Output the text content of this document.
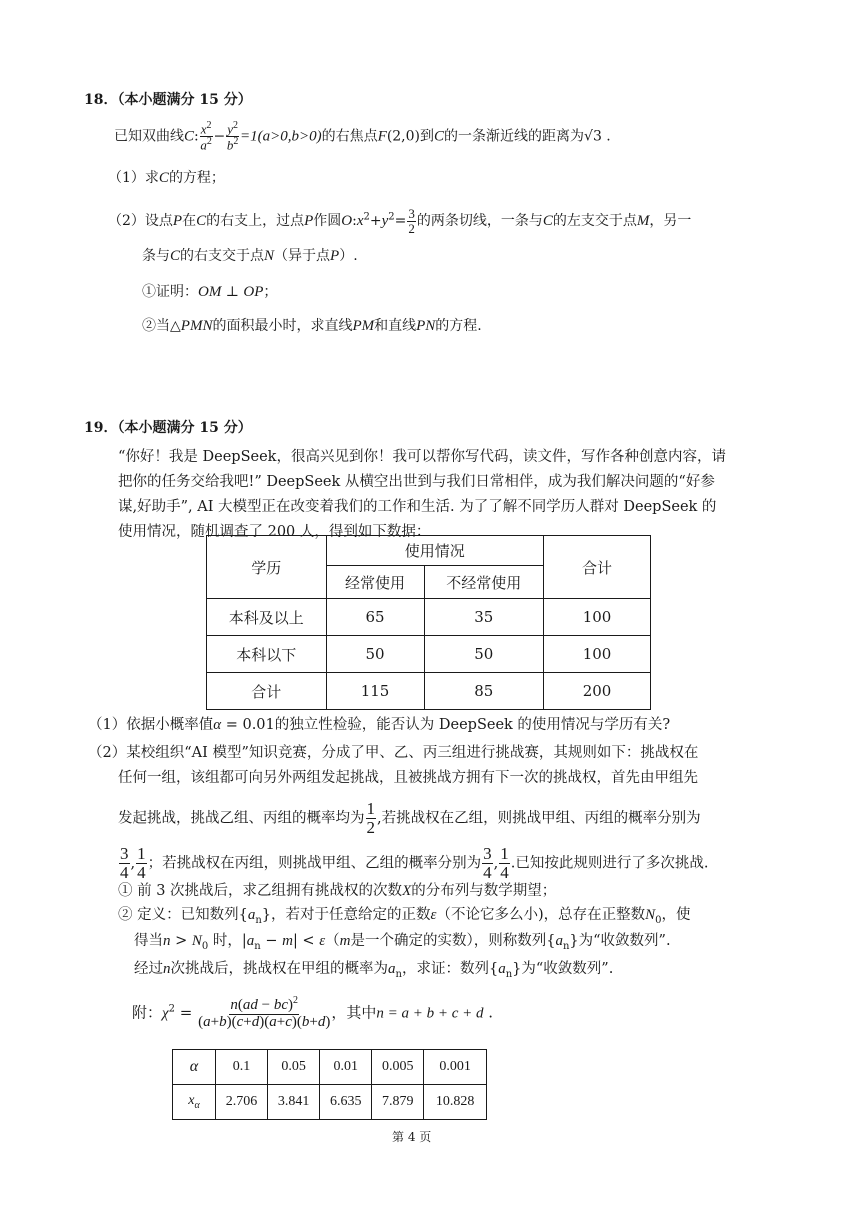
18．（本小题满分 15 分）
已知双曲线C: $\frac{x^2}{a^2} - \frac{y^2}{b^2} =1(a>0,b>0)$的右焦点F(2,0)到C的一条渐近线的距离为√3 .
（1）求C的方程；
（2）设点P在C的右支上，过点P作圆$O:x^2+y^2= \frac{3}{2}$ 的两条切线，一条与C的左支交于点M，另一
条与C的右支交于点N（异于点P）.
①证明：OM ⊥ OP；
②当△PMN的面积最小时，求直线PM和直线PN的方程.
19．（本小题满分 15 分）
“你好！我是 DeepSeek，很高兴见到你！我可以帮你写代码，读文件，写作各种创意内容，请
把你的任务交给我吧!” DeepSeek 从横空出世到与我们日常相伴，成为我们解决问题的“好参
谋,好助手”, AI 大模型正在改变着我们的工作和生活. 为了了解不同学历人群对 DeepSeek 的
使用情况，随机调查了 200 人，得到如下数据：
学历	使用情况		合计
	经常使用	不经常使用	
本科及以上	65	35	100
本科以下	50	50	100
合计	115	85	200
（1）依据小概率值α = 0.01的独立性检验，能否认为 DeepSeek 的使用情况与学历有关?
（2）某校组织“AI 模型”知识竞赛，分成了甲、乙、丙三组进行挑战赛，其规则如下：挑战权在
任何一组，该组都可向另外两组发起挑战，且被挑战方拥有下一次的挑战权，首先由甲组先
发起挑战，挑战乙组、丙组的概率均为 $\frac{1}{2}$ ,若挑战权在乙组，则挑战甲组、丙组的概率分别为
$\frac{3}{4}$ , $\frac{1}{4}$ ；若挑战权在丙组，则挑战甲组、乙组的概率分别为 $\frac{3}{4}$ , $\frac{1}{4}$ .已知按此规则进行了多次挑战.
① 前 3 次挑战后，求乙组拥有挑战权的次数X的分布列与数学期望；
② 定义：已知数列$\{a_n\}$，若对于任意给定的正数ε（不论它多么小)，总存在正整数$N_0$，使
得当$n > N_0$ 时，$|a_n - m| < \varepsilon(m$是一个确定的实数），则称数列$\{a_n\}$为“收敛数列”.
经过n次挑战后，挑战权在甲组的概率为$a_n$，求证：数列$\{a_n\}$为“收敛数列”.
附：$\chi^2 = \frac{n(ad - bc)^2}{(a+b)(c+d)(a+c)(b+d)}$ ，其中n = a + b + c + d .
α	0.1	0.05	0.01	0.005	0.001
$x_\alpha$	2.706	3.841	6.635	7.879	10.828
第 4 页
